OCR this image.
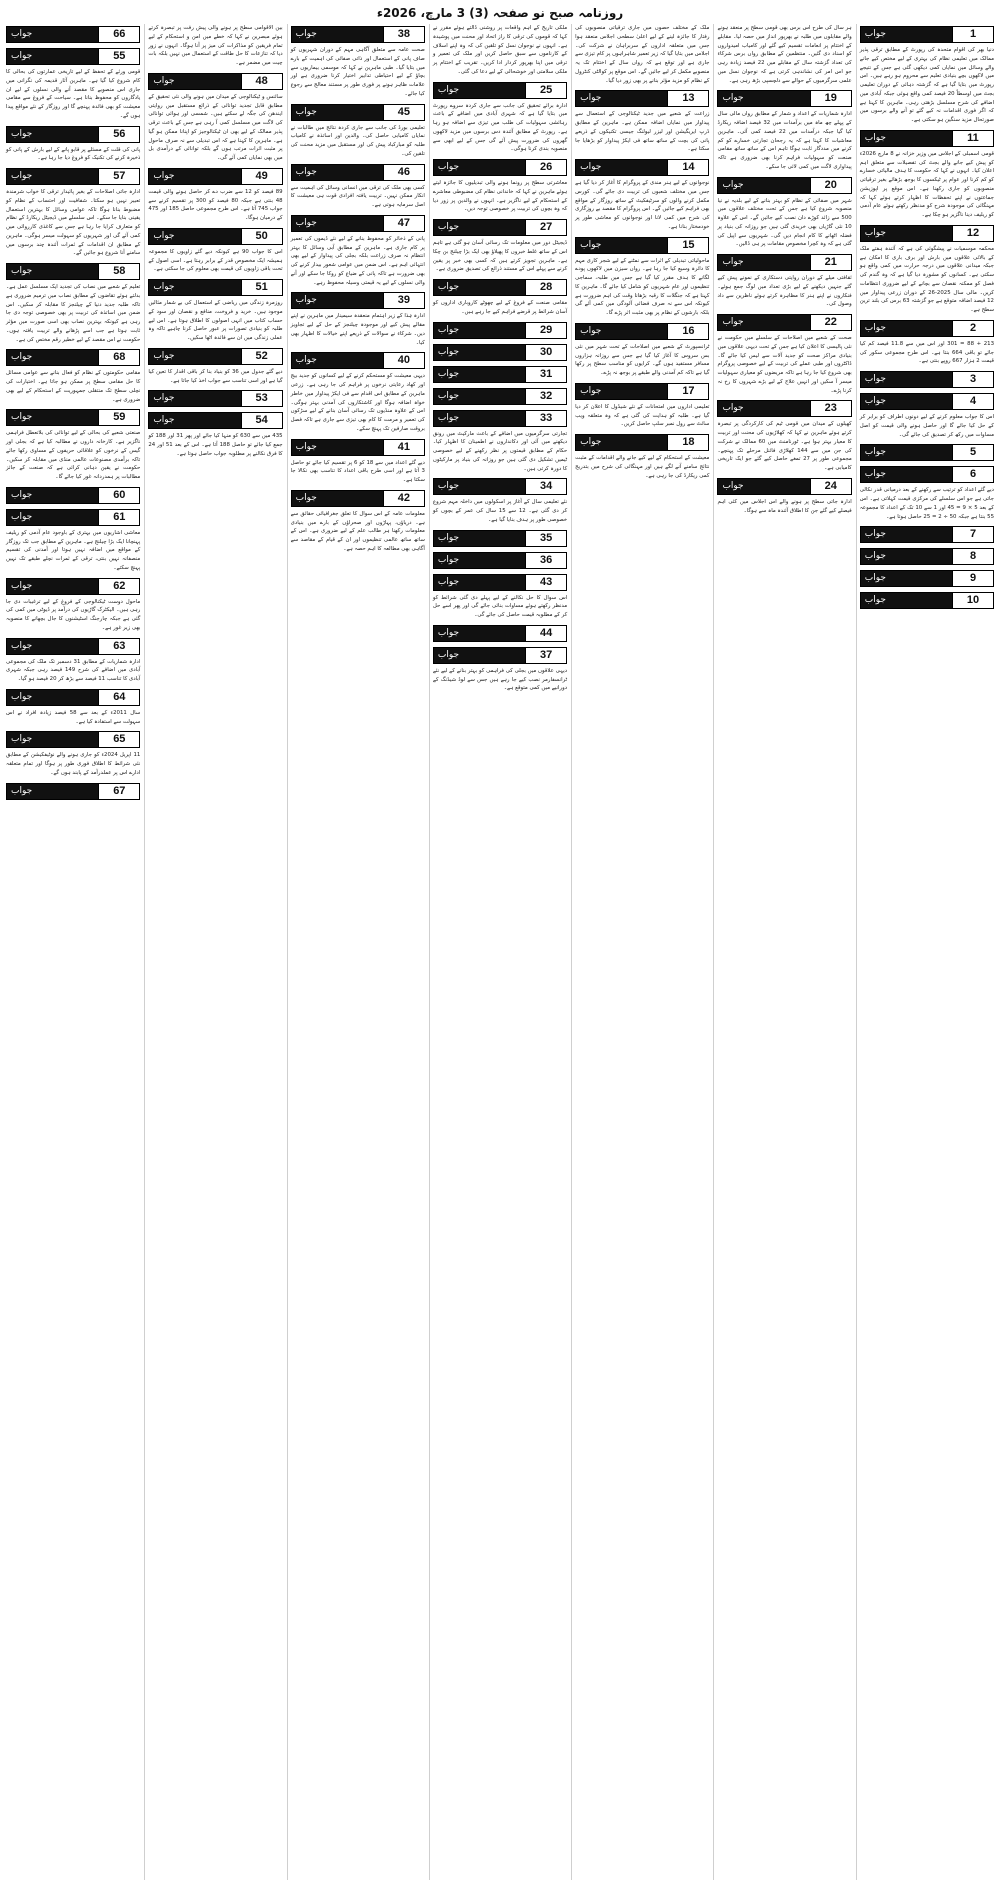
روزنامہ صبح نو صفحہ (3) 3 مارچ، 2026ء
1
جواب

دنیا بھر کی اقوام متحدہ کی رپورٹ کے مطابق ترقی پذیر ممالک میں تعلیمی نظام کی بہتری کے لیے مختص کیے جانے والے وسائل میں نمایاں کمی دیکھی گئی ہے جس کے نتیجے میں لاکھوں بچے بنیادی تعلیم سے محروم ہو رہے ہیں۔ اس رپورٹ میں بتایا گیا ہے کہ گزشتہ دہائی کے دوران تعلیمی بجٹ میں اوسطاً 20 فیصد کمی واقع ہوئی جبکہ آبادی میں اضافے کی شرح مسلسل بڑھتی رہی۔ ماہرین کا کہنا ہے کہ اگر فوری اقدامات نہ کیے گئے تو آنے والے برسوں میں صورتحال مزید سنگین ہو سکتی ہے۔

11
جواب

قومی اسمبلی کے اجلاس میں وزیر خزانہ نے 8 مارچ 2026ء کو پیش کیے جانے والے بجٹ کی تفصیلات سے متعلق اہم اعلان کیا۔ انہوں نے کہا کہ حکومت کا ہدف مالیاتی خسارے کو کم کرنا اور عوام پر ٹیکسوں کا بوجھ بڑھائے بغیر ترقیاتی منصوبوں کو جاری رکھنا ہے۔ اس موقع پر اپوزیشن جماعتوں نے اپنے تحفظات کا اظہار کرتے ہوئے کہا کہ مہنگائی کی موجودہ شرح کو مدنظر رکھتے ہوئے عام آدمی کو ریلیف دینا ناگزیر ہو چکا ہے۔

12
جواب

محکمہ موسمیات نے پیشگوئی کی ہے کہ آئندہ ہفتے ملک کے بالائی علاقوں میں بارش اور برف باری کا امکان ہے جبکہ میدانی علاقوں میں درجہ حرارت میں کمی واقع ہو سکتی ہے۔ کسانوں کو مشورہ دیا گیا ہے کہ وہ گندم کی فصل کو ممکنہ نقصان سے بچانے کے لیے ضروری انتظامات کریں۔ مالی سال 2025-26 کے دوران زرعی پیداوار میں 12 فیصد اضافہ متوقع ہے جو گزشتہ 63 برس کی بلند ترین سطح ہے۔

2
جواب

213 + 88 = 301 اور اس میں سے 11.8 فیصد کم کیا جائے تو باقی 664 بنتا ہے۔ اس طرح مجموعی سکور کی قیمت 2 ہزار 667 روپے بنتی ہے۔

3
جواب
4
جواب

اس کا جواب معلوم کرنے کے لیے دونوں اطراف کو برابر کر کے حل کیا جائے گا اور حاصل ہونے والی قیمت کو اصل مساوات میں رکھ کر تصدیق کی جائے گی۔

5
جواب
6
جواب

دیے گئے اعداد کو ترتیب سے رکھنے کے بعد درمیانی قدر نکالی جاتی ہے جو اس سلسلے کی مرکزی قیمت کہلاتی ہے۔ اس کے بعد 5 × 9 = 45 اور 1 سے 10 تک کے اعداد کا مجموعہ 55 بنتا ہے جبکہ 50 ÷ 2 = 25 حاصل ہوتا ہے۔

7
جواب
8
جواب
9
جواب
10
جواب

ہر سال کی طرح اس برس بھی قومی سطح پر منعقد ہونے والے مقابلوں میں طلبہ نے بھرپور انداز میں حصہ لیا۔ مقابلے کے اختتام پر انعامات تقسیم کیے گئے اور کامیاب امیدواروں کو اسناد دی گئیں۔ منتظمین کے مطابق رواں برس شرکاء کی تعداد گزشتہ سال کے مقابلے میں 22 فیصد زیادہ رہی جو اس امر کی نشاندہی کرتی ہے کہ نوجوان نسل میں علمی سرگرمیوں کے حوالے سے دلچسپی بڑھ رہی ہے۔

19
جواب

ادارہ شماریات کے اعداد و شمار کے مطابق رواں مالی سال کے پہلے چھ ماہ میں برآمدات میں 32 فیصد اضافہ ریکارڈ کیا گیا جبکہ درآمدات میں 22 فیصد کمی آئی۔ ماہرین معاشیات کا کہنا ہے کہ یہ رجحان تجارتی خسارے کو کم کرنے میں مددگار ثابت ہوگا تاہم اس کے ساتھ ساتھ مقامی صنعت کو سہولیات فراہم کرنا بھی ضروری ہے تاکہ پیداواری لاگت میں کمی لائی جا سکے۔

20
جواب

شہر میں صفائی کے نظام کو بہتر بنانے کے لیے بلدیہ نے نیا منصوبہ شروع کیا ہے جس کے تحت مختلف علاقوں میں 500 سے زائد کوڑے دان نصب کیے جائیں گے۔ اس کے علاوہ 10 نئی گاڑیاں بھی خریدی گئی ہیں جو روزانہ کی بنیاد پر فضلہ اٹھانے کا کام انجام دیں گی۔ شہریوں سے اپیل کی گئی ہے کہ وہ کچرا مخصوص مقامات پر ہی ڈالیں۔

21
جواب

ثقافتی میلے کے دوران روایتی دستکاری کے نمونے پیش کیے گئے جنہیں دیکھنے کے لیے بڑی تعداد میں لوگ جمع ہوئے۔ فنکاروں نے اپنے ہنر کا مظاہرہ کرتے ہوئے ناظرین سے داد وصول کی۔

22
جواب

صحت کے شعبے میں اصلاحات کے سلسلے میں حکومت نے نئی پالیسی کا اعلان کیا ہے جس کے تحت دیہی علاقوں میں بنیادی مراکز صحت کو جدید آلات سے لیس کیا جائے گا۔ ڈاکٹروں اور طبی عملے کی تربیت کے لیے خصوصی پروگرام بھی شروع کیا جا رہا ہے تاکہ مریضوں کو معیاری سہولیات میسر آ سکیں اور انہیں علاج کے لیے بڑے شہروں کا رخ نہ کرنا پڑے۔

23
جواب

کھیلوں کے میدان میں قومی ٹیم کی کارکردگی پر تبصرہ کرتے ہوئے ماہرین نے کہا کہ کھلاڑیوں کی محنت اور تربیت کا معیار بہتر ہوا ہے۔ ٹورنامنٹ میں 60 ممالک نے شرکت کی جن میں سے 144 کھلاڑی فائنل مرحلے تک پہنچے۔ مجموعی طور پر 27 تمغے حاصل کیے گئے جو ایک تاریخی کامیابی ہے۔

24
جواب

ادارہ جاتی سطح پر ہونے والے اس اجلاس میں کئی اہم فیصلے کیے گئے جن کا اطلاق آئندہ ماہ سے ہوگا۔

ملک کے مختلف حصوں میں جاری ترقیاتی منصوبوں کی رفتار کا جائزہ لینے کے لیے اعلیٰ سطحی اجلاس منعقد ہوا جس میں متعلقہ اداروں کے سربراہان نے شرکت کی۔ اجلاس میں بتایا گیا کہ زیر تعمیر شاہراہوں پر کام تیزی سے جاری ہے اور توقع ہے کہ رواں سال کے اختتام تک یہ منصوبے مکمل کر لیے جائیں گے۔ اس موقع پر کوالٹی کنٹرول کے نظام کو مزید مؤثر بنانے پر بھی زور دیا گیا۔

13
جواب

زراعت کے شعبے میں جدید ٹیکنالوجی کے استعمال سے پیداوار میں نمایاں اضافہ ممکن ہے۔ ماہرین کے مطابق ڈرپ ایریگیشن اور لیزر لیولنگ جیسی تکنیکوں کے ذریعے پانی کی بچت کے ساتھ ساتھ فی ایکڑ پیداوار کو بڑھایا جا سکتا ہے۔

14
جواب

نوجوانوں کے لیے ہنر مندی کے پروگرام کا آغاز کر دیا گیا ہے جس میں مختلف شعبوں کی تربیت دی جائے گی۔ کورس مکمل کرنے والوں کو سرٹیفکیٹ کے ساتھ روزگار کے مواقع بھی فراہم کیے جائیں گے۔ اس پروگرام کا مقصد بے روزگاری کی شرح میں کمی لانا اور نوجوانوں کو معاشی طور پر خودمختار بنانا ہے۔

15
جواب

ماحولیاتی تبدیلی کے اثرات سے نمٹنے کے لیے شجر کاری مہم کا دائرہ وسیع کیا جا رہا ہے۔ رواں سیزن میں لاکھوں پودے لگانے کا ہدف مقرر کیا گیا ہے جس میں طلبہ، سماجی تنظیموں اور عام شہریوں کو شامل کیا جائے گا۔ ماہرین کا کہنا ہے کہ جنگلات کا رقبہ بڑھانا وقت کی اہم ضرورت ہے کیونکہ اس سے نہ صرف فضائی آلودگی میں کمی آئے گی بلکہ بارشوں کے نظام پر بھی مثبت اثر پڑے گا۔

16
جواب

ٹرانسپورٹ کے شعبے میں اصلاحات کے تحت شہر میں نئی بس سروس کا آغاز کیا گیا ہے جس سے روزانہ ہزاروں مسافر مستفید ہوں گے۔ کرایوں کو مناسب سطح پر رکھا گیا ہے تاکہ کم آمدنی والے طبقے پر بوجھ نہ پڑے۔

17
جواب

تعلیمی اداروں میں امتحانات کے نئے شیڈول کا اعلان کر دیا گیا ہے۔ طلبہ کو ہدایت کی گئی ہے کہ وہ متعلقہ ویب سائٹ سے رول نمبر سلپ حاصل کریں۔

18
جواب

معیشت کے استحکام کے لیے کیے جانے والے اقدامات کے مثبت نتائج سامنے آنے لگے ہیں اور مہنگائی کی شرح میں بتدریج کمی ریکارڈ کی جا رہی ہے۔

ملکی تاریخ کے اہم واقعات پر روشنی ڈالتے ہوئے مقرر نے کہا کہ قوموں کی ترقی کا راز اتحاد اور محنت میں پوشیدہ ہے۔ انہوں نے نوجوان نسل کو تلقین کی کہ وہ اپنے اسلاف کے کارناموں سے سبق حاصل کریں اور ملک کی تعمیر و ترقی میں اپنا بھرپور کردار ادا کریں۔ تقریب کے اختتام پر ملکی سلامتی اور خوشحالی کے لیے دعا کی گئی۔

25
جواب

ادارہ برائے تحقیق کی جانب سے جاری کردہ سروے رپورٹ میں بتایا گیا ہے کہ شہری آبادی میں اضافے کے باعث رہائشی سہولیات کی طلب میں تیزی سے اضافہ ہو رہا ہے۔ رپورٹ کے مطابق آئندہ دس برسوں میں مزید لاکھوں گھروں کی ضرورت پیش آئے گی جس کے لیے ابھی سے منصوبہ بندی کرنا ہوگی۔

26
جواب

معاشرتی سطح پر رونما ہونے والی تبدیلیوں کا جائزہ لیتے ہوئے ماہرین نے کہا کہ خاندانی نظام کی مضبوطی معاشرے کے استحکام کے لیے ناگزیر ہے۔ انہوں نے والدین پر زور دیا کہ وہ بچوں کی تربیت پر خصوصی توجہ دیں۔

27
جواب

ڈیجیٹل دور میں معلومات تک رسائی آسان ہو گئی ہے تاہم اس کے ساتھ غلط خبروں کا پھیلاؤ بھی ایک بڑا چیلنج بن چکا ہے۔ ماہرین تجویز کرتے ہیں کہ کسی بھی خبر پر یقین کرنے سے پہلے اس کے مستند ذرائع کی تصدیق ضروری ہے۔

28
جواب

مقامی صنعت کے فروغ کے لیے چھوٹے کاروباری اداروں کو آسان شرائط پر قرضے فراہم کیے جا رہے ہیں۔

29
جواب
30
جواب
31
جواب
32
جواب
33
جواب

تجارتی سرگرمیوں میں اضافے کے باعث مارکیٹ میں رونق دیکھنے میں آئی اور دکانداروں نے اطمینان کا اظہار کیا۔ حکام کے مطابق قیمتوں پر نظر رکھنے کے لیے خصوصی ٹیمیں تشکیل دی گئی ہیں جو روزانہ کی بنیاد پر مارکیٹوں کا دورہ کرتی ہیں۔

34
جواب

نئے تعلیمی سال کے آغاز پر اسکولوں میں داخلہ مہم شروع کر دی گئی ہے۔ 12 سے 15 سال کی عمر کے بچوں کو خصوصی طور پر ہدف بنایا گیا ہے۔

35
جواب
36
جواب
43
جواب

اس سوال کا حل نکالنے کے لیے پہلے دی گئی شرائط کو مدنظر رکھتے ہوئے مساوات بنائی جائے گی اور پھر اسے حل کر کے مطلوبہ قیمت حاصل کی جائے گی۔

44
جواب
37
جواب

دیہی علاقوں میں بجلی کی فراہمی کو بہتر بنانے کے لیے نئے ٹرانسفارمر نصب کیے جا رہے ہیں جس سے لوڈ شیڈنگ کے دورانیے میں کمی متوقع ہے۔

38
جواب

صحت عامہ سے متعلق آگاہی مہم کے دوران شہریوں کو صاف پانی کے استعمال اور ذاتی صفائی کی اہمیت کے بارے میں بتایا گیا۔ طبی ماہرین نے کہا کہ موسمی بیماریوں سے بچاؤ کے لیے احتیاطی تدابیر اختیار کرنا ضروری ہے اور علامات ظاہر ہونے پر فوری طور پر مستند معالج سے رجوع کیا جائے۔

45
جواب

تعلیمی بورڈ کی جانب سے جاری کردہ نتائج میں طالبات نے نمایاں کامیابی حاصل کی۔ والدین اور اساتذہ نے کامیاب طلبہ کو مبارکباد پیش کی اور مستقبل میں مزید محنت کی تلقین کی۔

46
جواب

کسی بھی ملک کی ترقی میں انسانی وسائل کی اہمیت سے انکار ممکن نہیں۔ تربیت یافتہ افرادی قوت ہی معیشت کا اصل سرمایہ ہوتی ہے۔

47
جواب

پانی کے ذخائر کو محفوظ بنانے کے لیے نئے ڈیموں کی تعمیر پر کام جاری ہے۔ ماہرین کے مطابق آبی وسائل کا بہتر انتظام نہ صرف زراعت بلکہ بجلی کی پیداوار کے لیے بھی انتہائی اہم ہے۔ اس ضمن میں عوامی شعور بیدار کرنے کی بھی ضرورت ہے تاکہ پانی کے ضیاع کو روکا جا سکے اور آنے والی نسلوں کے لیے یہ قیمتی وسیلہ محفوظ رہے۔

39
جواب

ادارہ ہٰذا کے زیر اہتمام منعقدہ سیمینار میں ماہرین نے اپنے مقالے پیش کیے اور موجودہ چیلنجز کے حل کے لیے تجاویز دیں۔ شرکاء نے سوالات کے ذریعے اپنے خیالات کا اظہار بھی کیا۔

40
جواب

دیہی معیشت کو مستحکم کرنے کے لیے کسانوں کو جدید بیج اور کھاد رعایتی نرخوں پر فراہم کی جا رہی ہے۔ زرعی ماہرین کے مطابق اس اقدام سے فی ایکڑ پیداوار میں خاطر خواہ اضافہ ہوگا اور کاشتکاروں کی آمدنی بہتر ہوگی۔ اس کے علاوہ منڈیوں تک رسائی آسان بنانے کے لیے سڑکوں کی تعمیر و مرمت کا کام بھی تیزی سے جاری ہے تاکہ فصل بروقت صارفین تک پہنچ سکے۔

41
جواب

دیے گئے اعداد میں سے 18 کو 6 پر تقسیم کیا جائے تو حاصل 3 آتا ہے اور اسی طرح باقی اعداد کا تناسب بھی نکالا جا سکتا ہے۔

42
جواب

معلومات عامہ کے اس سوال کا تعلق جغرافیائی حقائق سے ہے۔ دریاؤں، پہاڑوں اور صحراؤں کے بارے میں بنیادی معلومات رکھنا ہر طالب علم کے لیے ضروری ہے۔ اس کے ساتھ ساتھ عالمی تنظیموں اور ان کے قیام کے مقاصد سے آگاہی بھی مطالعہ کا اہم حصہ ہے۔

بین الاقوامی سطح پر ہونے والی پیش رفت پر تبصرہ کرتے ہوئے مبصرین نے کہا کہ خطے میں امن و استحکام کے لیے تمام فریقین کو مذاکرات کی میز پر آنا ہوگا۔ انہوں نے زور دیا کہ تنازعات کا حل طاقت کے استعمال میں نہیں بلکہ بات چیت میں مضمر ہے۔

48
جواب

سائنس و ٹیکنالوجی کے میدان میں ہونے والی نئی تحقیق کے مطابق قابل تجدید توانائی کے ذرائع مستقبل میں روایتی ایندھن کی جگہ لے سکتے ہیں۔ شمسی اور ہوائی توانائی کی لاگت میں مسلسل کمی آ رہی ہے جس کے باعث ترقی پذیر ممالک کے لیے بھی ان ٹیکنالوجیز کو اپنانا ممکن ہو گیا ہے۔ ماہرین کا کہنا ہے کہ اس تبدیلی سے نہ صرف ماحول پر مثبت اثرات مرتب ہوں گے بلکہ توانائی کے درآمدی بل میں بھی نمایاں کمی آئے گی۔

49
جواب

89 فیصد کو 12 سے ضرب دے کر حاصل ہونے والی قیمت 48 بنتی ہے جبکہ 80 فیصد کو 300 پر تقسیم کرنے سے جواب 745 آتا ہے۔ اس طرح مجموعی حاصل 185 اور 475 کے درمیان ہوگا۔

50
جواب

اس کا جواب 90 ہے کیونکہ دیے گئے زاویوں کا مجموعہ ہمیشہ ایک مخصوص قدر کے برابر رہتا ہے۔ اسی اصول کے تحت باقی زاویوں کی قیمت بھی معلوم کی جا سکتی ہے۔

51
جواب

روزمرہ زندگی میں ریاضی کے استعمال کی بے شمار مثالیں موجود ہیں۔ خرید و فروخت، منافع و نقصان اور سود کے حساب کتاب میں انہی اصولوں کا اطلاق ہوتا ہے۔ اس لیے طلبہ کو بنیادی تصورات پر عبور حاصل کرنا چاہیے تاکہ وہ عملی زندگی میں ان سے فائدہ اٹھا سکیں۔

52
جواب

دیے گئے جدول میں 36 کو بنیاد بنا کر باقی اقدار کا تعین کیا گیا ہے اور اسی تناسب سے جواب اخذ کیا جاتا ہے۔

53
جواب
54
جواب

435 میں سے 630 کو منہا کیا جائے اور پھر 31 اور 188 کو جمع کیا جائے تو حاصل 188 آتا ہے۔ اس کے بعد 51 اور 24 کا فرق نکالنے پر مطلوبہ جواب حاصل ہوتا ہے۔

66
جواب
55
جواب

قومی ورثے کے تحفظ کے لیے تاریخی عمارتوں کی بحالی کا کام شروع کیا گیا ہے۔ ماہرین آثار قدیمہ کی نگرانی میں جاری اس منصوبے کا مقصد آنے والی نسلوں کے لیے ان یادگاروں کو محفوظ بنانا ہے۔ سیاحت کے فروغ سے مقامی معیشت کو بھی فائدہ پہنچے گا اور روزگار کے نئے مواقع پیدا ہوں گے۔

56
جواب

پانی کی قلت کے مسئلے پر قابو پانے کے لیے بارش کے پانی کو ذخیرہ کرنے کی تکنیک کو فروغ دیا جا رہا ہے۔

57
جواب

ادارہ جاتی اصلاحات کے بغیر پائیدار ترقی کا خواب شرمندہ تعبیر نہیں ہو سکتا۔ شفافیت اور احتساب کے نظام کو مضبوط بنانا ہوگا تاکہ عوامی وسائل کا بہترین استعمال یقینی بنایا جا سکے۔ اس سلسلے میں ڈیجیٹل ریکارڈ کے نظام کو متعارف کرایا جا رہا ہے جس سے کاغذی کارروائی میں کمی آئے گی اور شہریوں کو سہولت میسر ہوگی۔ ماہرین کے مطابق ان اقدامات کے ثمرات آئندہ چند برسوں میں سامنے آنا شروع ہو جائیں گے۔

58
جواب

تعلیم کے شعبے میں نصاب کی تجدید ایک مسلسل عمل ہے۔ بدلتے ہوئے تقاضوں کے مطابق نصاب میں ترمیم ضروری ہے تاکہ طلبہ جدید دنیا کے چیلنجز کا مقابلہ کر سکیں۔ اس ضمن میں اساتذہ کی تربیت پر بھی خصوصی توجہ دی جا رہی ہے کیونکہ بہترین نصاب بھی اسی صورت میں مؤثر ثابت ہوتا ہے جب اسے پڑھانے والے تربیت یافتہ ہوں۔ حکومت نے اس مقصد کے لیے خطیر رقم مختص کی ہے۔

68
جواب

مقامی حکومتوں کے نظام کو فعال بنانے سے عوامی مسائل کا حل مقامی سطح پر ممکن ہو جاتا ہے۔ اختیارات کی نچلی سطح تک منتقلی جمہوریت کے استحکام کے لیے بھی ضروری ہے۔

59
جواب

صنعتی شعبے کی بحالی کے لیے توانائی کی بلاتعطل فراہمی ناگزیر ہے۔ کارخانہ داروں نے مطالبہ کیا ہے کہ بجلی اور گیس کے نرخوں کو علاقائی حریفوں کے مساوی رکھا جائے تاکہ برآمدی مصنوعات عالمی منڈی میں مقابلہ کر سکیں۔ حکومت نے یقین دہانی کرائی ہے کہ صنعت کے جائز مطالبات پر ہمدردانہ غور کیا جائے گا۔

60
جواب
61
جواب

معاشی اشاریوں میں بہتری کے باوجود عام آدمی کو ریلیف پہنچانا ایک بڑا چیلنج ہے۔ ماہرین کے مطابق جب تک روزگار کے مواقع میں اضافہ نہیں ہوتا اور آمدنی کی تقسیم منصفانہ نہیں بنتی، ترقی کے ثمرات نچلے طبقے تک نہیں پہنچ سکتے۔

62
جواب

ماحول دوست ٹیکنالوجی کے فروغ کے لیے ترغیبات دی جا رہی ہیں۔ الیکٹرک گاڑیوں کی درآمد پر ڈیوٹی میں کمی کی گئی ہے جبکہ چارجنگ اسٹیشنوں کا جال بچھانے کا منصوبہ بھی زیر غور ہے۔

63
جواب

ادارہ شماریات کے مطابق 31 دسمبر تک ملک کی مجموعی آبادی میں اضافے کی شرح 149 فیصد رہی جبکہ شہری آبادی کا تناسب 11 فیصد سے بڑھ کر 20 فیصد ہو گیا۔

64
جواب

سال 2011ء کے بعد سے 58 فیصد زیادہ افراد نے اس سہولت سے استفادہ کیا ہے۔

65
جواب

11 اپریل 2024ء کو جاری ہونے والے نوٹیفکیشن کے مطابق نئی شرائط کا اطلاق فوری طور پر ہوگا اور تمام متعلقہ ادارے اس پر عملدرآمد کے پابند ہوں گے۔

67
جواب
